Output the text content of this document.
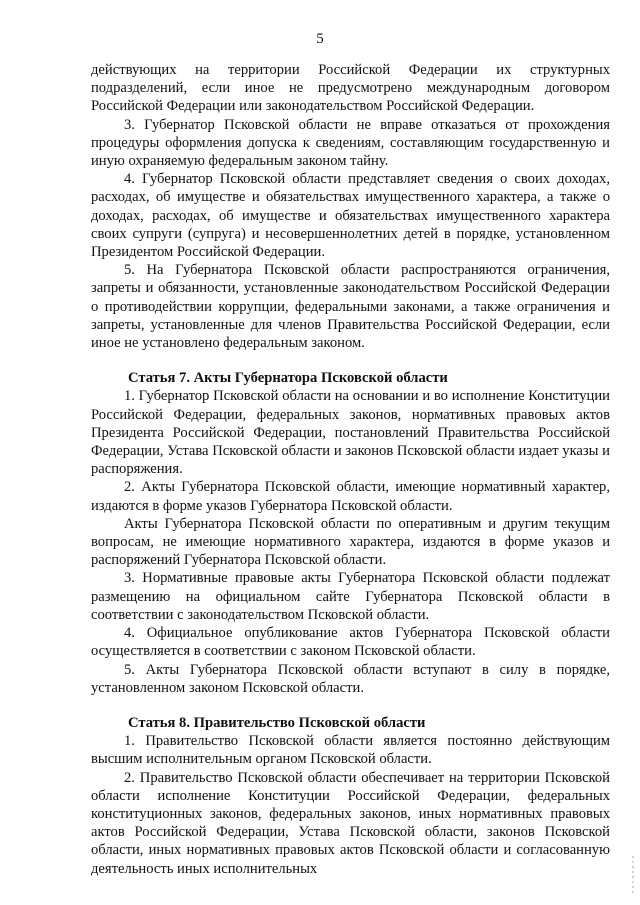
5

действующих на территории Российской Федерации их структурных подразделений, если иное не предусмотрено международным договором Российской Федерации или законодательством Российской Федерации.

3. Губернатор Псковской области не вправе отказаться от прохождения процедуры оформления допуска к сведениям, составляющим государственную и иную охраняемую федеральным законом тайну.

4. Губернатор Псковской области представляет сведения о своих доходах, расходах, об имуществе и обязательствах имущественного характера, а также о доходах, расходах, об имуществе и обязательствах имущественного характера своих супруги (супруга) и несовершеннолетних детей в порядке, установленном Президентом Российской Федерации.

5. На Губернатора Псковской области распространяются ограничения, запреты и обязанности, установленные законодательством Российской Федерации о противодействии коррупции, федеральными законами, а также ограничения и запреты, установленные для членов Правительства Российской Федерации, если иное не установлено федеральным законом.

Статья 7. Акты Губернатора Псковской области

1. Губернатор Псковской области на основании и во исполнение Конституции Российской Федерации, федеральных законов, нормативных правовых актов Президента Российской Федерации, постановлений Правительства Российской Федерации, Устава Псковской области и законов Псковской области издает указы и распоряжения.

2. Акты Губернатора Псковской области, имеющие нормативный характер, издаются в форме указов Губернатора Псковской области.

Акты Губернатора Псковской области по оперативным и другим текущим вопросам, не имеющие нормативного характера, издаются в форме указов и распоряжений Губернатора Псковской области.

3. Нормативные правовые акты Губернатора Псковской области подлежат размещению на официальном сайте Губернатора Псковской области в соответствии с законодательством Псковской области.

4. Официальное опубликование актов Губернатора Псковской области осуществляется в соответствии с законом Псковской области.

5. Акты Губернатора Псковской области вступают в силу в порядке, установленном законом Псковской области.

Статья 8. Правительство Псковской области

1. Правительство Псковской области является постоянно действующим высшим исполнительным органом Псковской области.

2. Правительство Псковской области обеспечивает на территории Псковской области исполнение Конституции Российской Федерации, федеральных конституционных законов, федеральных законов, иных нормативных правовых актов Российской Федерации, Устава Псковской области, законов Псковской области, иных нормативных правовых актов Псковской области и согласованную деятельность иных исполнительных
